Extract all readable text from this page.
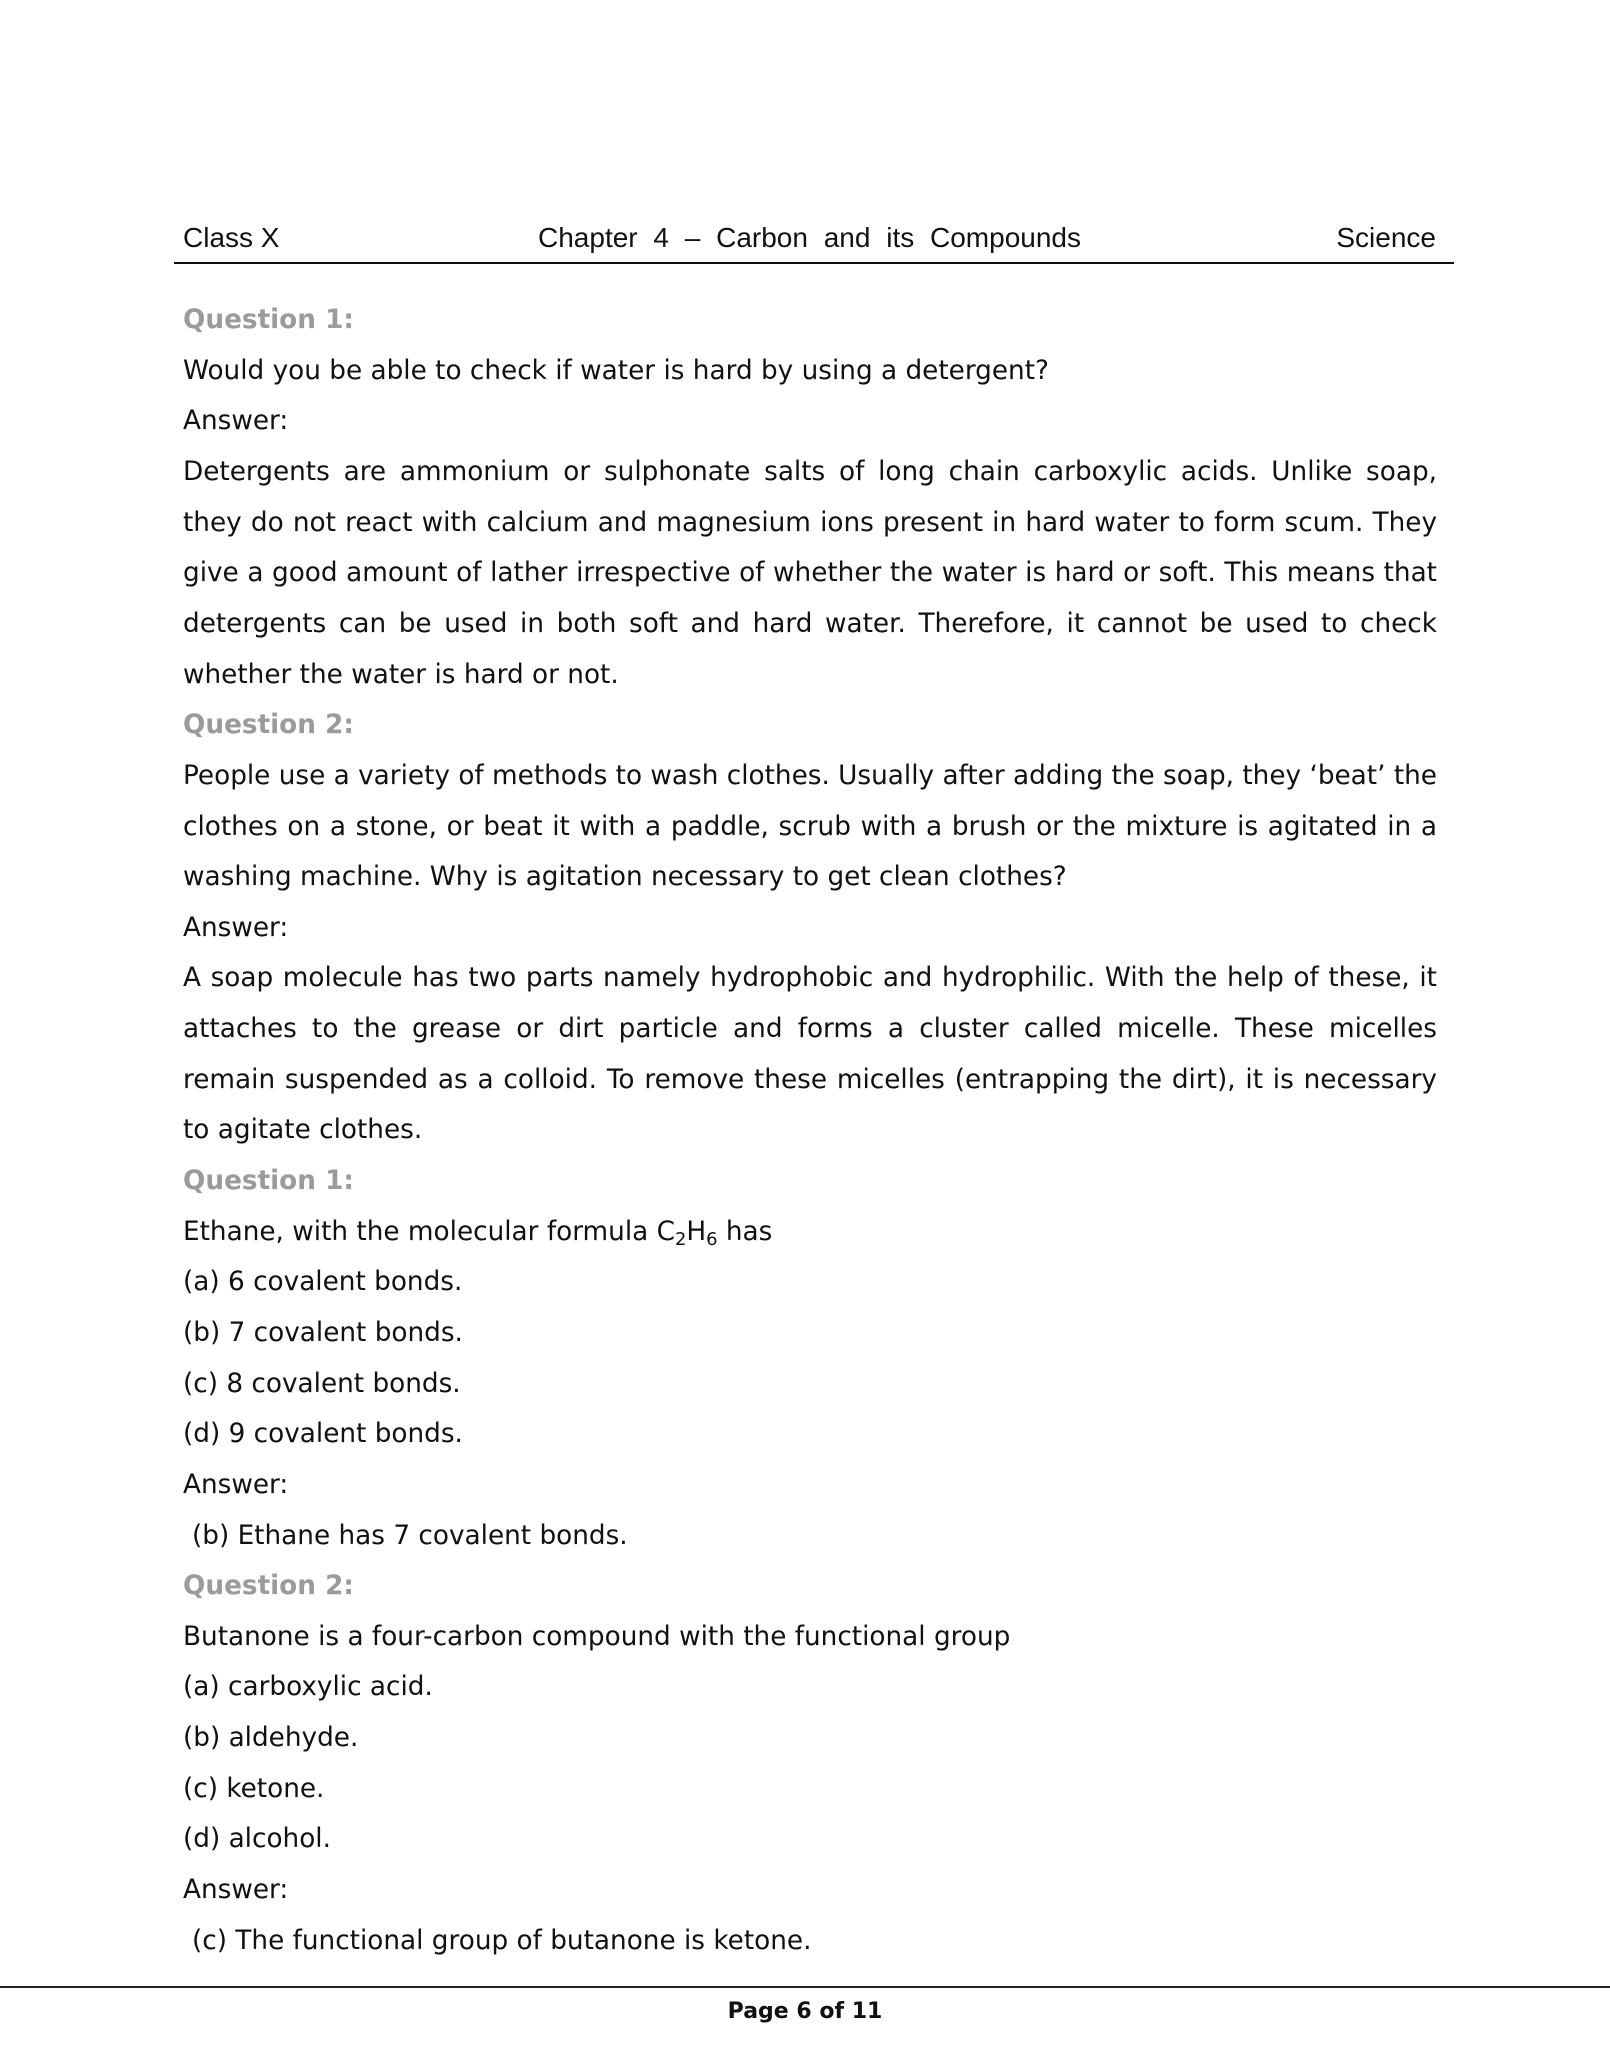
Class X	Chapter 4 – Carbon and its Compounds	Science
Question 1:
Would you be able to check if water is hard by using a detergent?
Answer:
Detergents are ammonium or sulphonate salts of long chain carboxylic acids. Unlike soap, they do not react with calcium and magnesium ions present in hard water to form scum. They give a good amount of lather irrespective of whether the water is hard or soft. This means that detergents can be used in both soft and hard water. Therefore, it cannot be used to check whether the water is hard or not.
Question 2:
People use a variety of methods to wash clothes. Usually after adding the soap, they ‘beat’ the clothes on a stone, or beat it with a paddle, scrub with a brush or the mixture is agitated in a washing machine. Why is agitation necessary to get clean clothes?
Answer:
A soap molecule has two parts namely hydrophobic and hydrophilic. With the help of these, it attaches to the grease or dirt particle and forms a cluster called micelle. These micelles remain suspended as a colloid. To remove these micelles (entrapping the dirt), it is necessary to agitate clothes.
Question 1:
Ethane, with the molecular formula $C_2H_6$ has
(a) 6 covalent bonds.
(b) 7 covalent bonds.
(c) 8 covalent bonds.
(d) 9 covalent bonds.
Answer:
(b) Ethane has 7 covalent bonds.
Question 2:
Butanone is a four-carbon compound with the functional group
(a) carboxylic acid.
(b) aldehyde.
(c) ketone.
(d) alcohol.
Answer:
(c) The functional group of butanone is ketone.
Page 6 of 11
